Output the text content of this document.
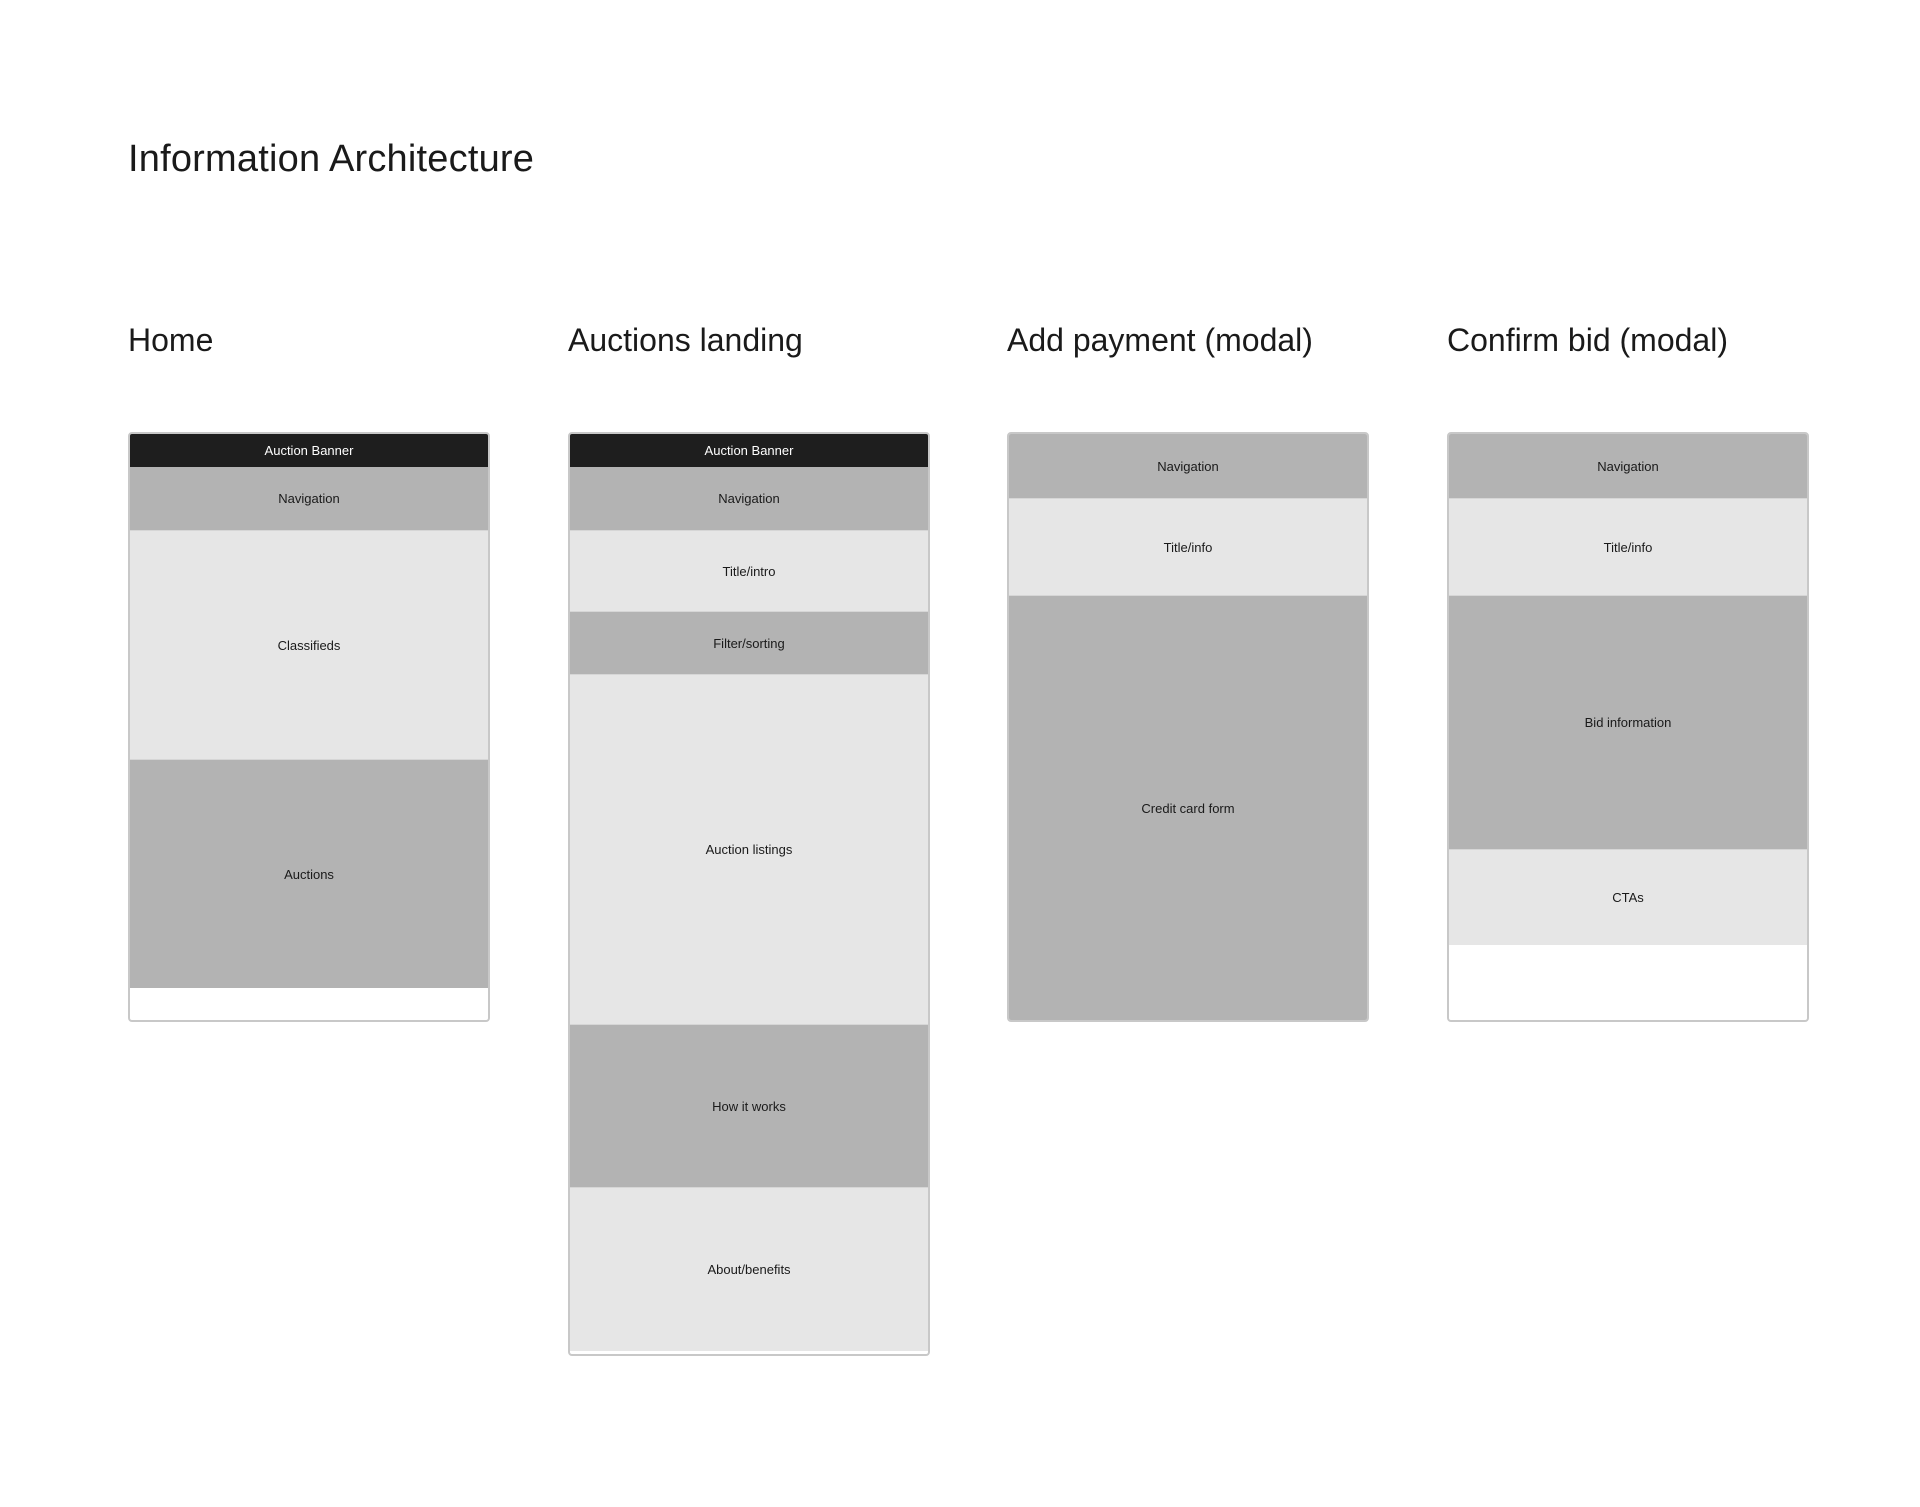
Information Architecture
Home
Auction Banner
Navigation
Classifieds
Auctions
Auctions landing
Auction Banner
Navigation
Title/intro
Filter/sorting
Auction listings
How it works
About/benefits
Add payment (modal)
Navigation
Title/info
Credit card form
Confirm bid (modal)
Navigation
Title/info
Bid information
CTAs
